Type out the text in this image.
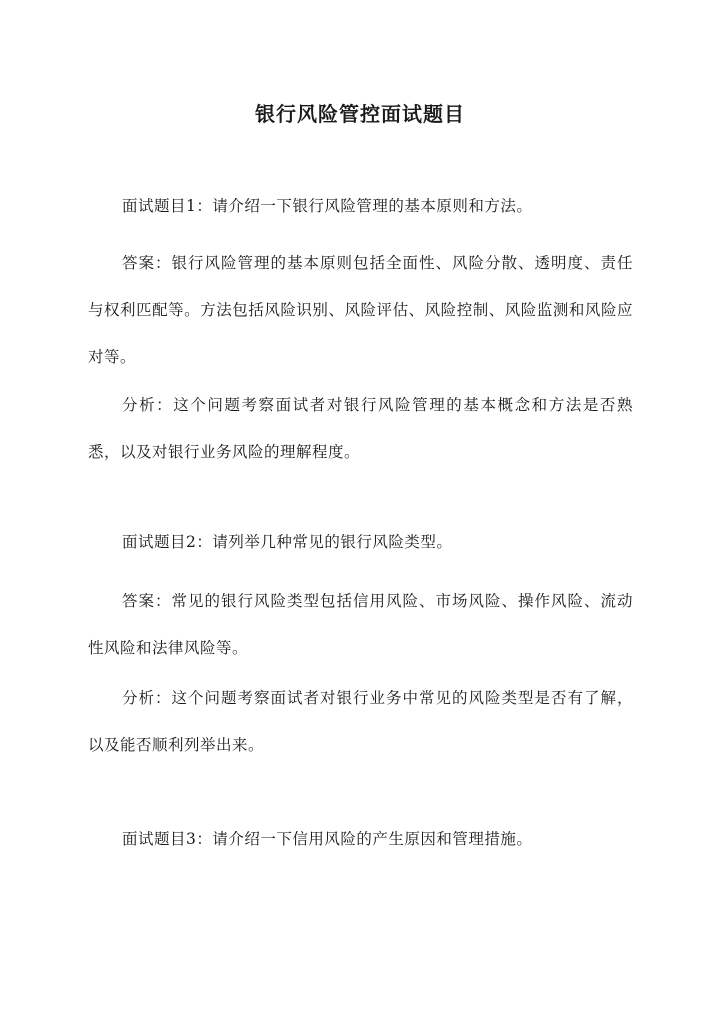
银行风险管控面试题目

面试题目1：请介绍一下银行风险管理的基本原则和方法。

答案：银行风险管理的基本原则包括全面性、风险分散、透明度、责任与权利匹配等。方法包括风险识别、风险评估、风险控制、风险监测和风险应对等。

分析：这个问题考察面试者对银行风险管理的基本概念和方法是否熟悉，以及对银行业务风险的理解程度。

面试题目2：请列举几种常见的银行风险类型。

答案：常见的银行风险类型包括信用风险、市场风险、操作风险、流动性风险和法律风险等。

分析：这个问题考察面试者对银行业务中常见的风险类型是否有了解，以及能否顺利列举出来。

面试题目3：请介绍一下信用风险的产生原因和管理措施。
